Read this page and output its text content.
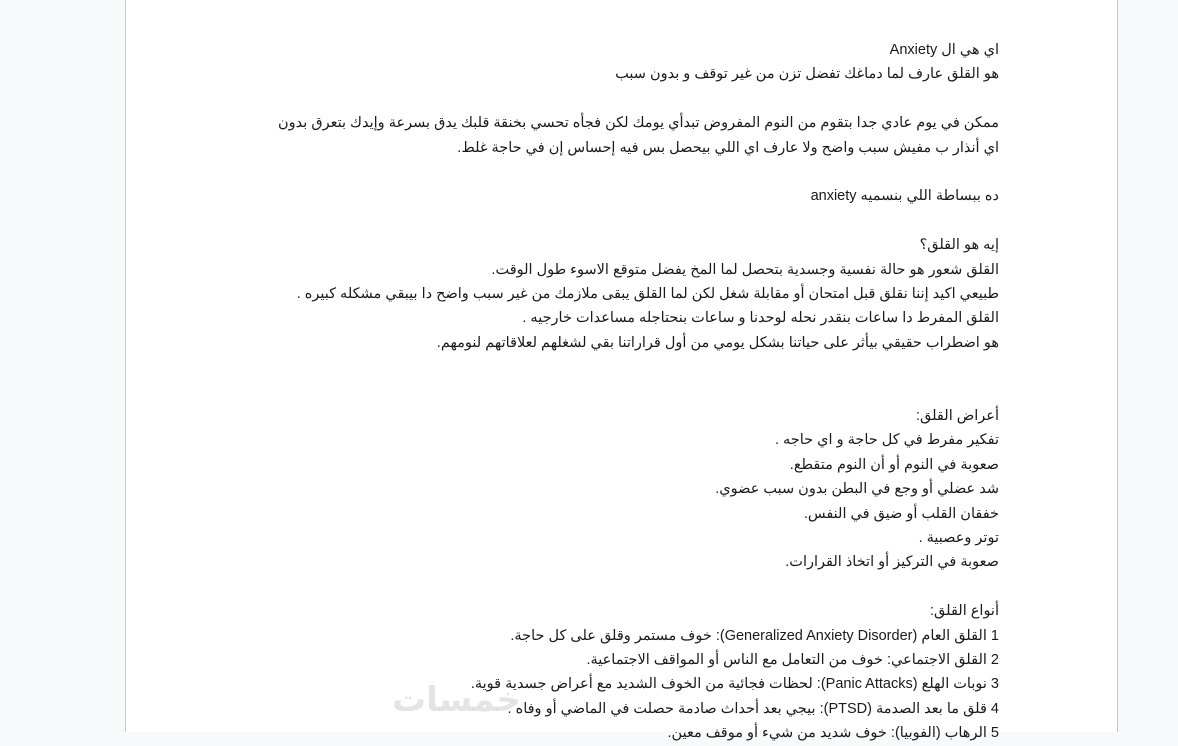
اي هي ال Anxiety

هو القلق عارف لما دماغك تفضل تزن من غير توقف و بدون سبب

ممكن في يوم عادي جدا بتقوم من النوم المفروض تبدأي يومك لكن فجأه تحسي بخنقة قلبك يدق بسرعة وإيدك بتعرق بدون اي أنذار ب مفيش سبب واضح ولا عارف اي اللي بيحصل بس فيه إحساس إن في حاجة غلط.

ده ببساطة اللي بنسميه anxiety

إيه هو القلق؟

القلق شعور هو حالة نفسية وجسدية بتحصل لما المخ يفضل متوقع الاسوء طول الوقت.

طبيعي اكيد إننا نقلق قبل امتحان أو مقابلة شغل لكن لما القلق يبقى ملازمك من غير سبب واضح دا بيبقي مشكله كبيره .

القلق المفرط دا ساعات بنقدر نحله لوحدنا و ساعات بنحتاجله مساعدات خارجيه .

هو اضطراب حقيقي بيأثر على حياتنا بشكل يومي من أول قراراتنا بقي لشغلهم لعلاقاتهم لنومهم.

أعراض القلق:

تفكير مفرط في كل حاجة و اي حاجه .

صعوبة في النوم أو أن النوم متقطع.

شد عضلي أو وجع في البطن بدون سبب عضوي.

خفقان القلب أو ضيق في النفس.

توتر وعصبية .

صعوبة في التركيز أو اتخاذ القرارات.

أنواع القلق:

1 القلق العام (Generalized Anxiety Disorder): خوف مستمر وقلق على كل حاجة.

2 القلق الاجتماعي: خوف من التعامل مع الناس أو المواقف الاجتماعية.

3 نوبات الهلع (Panic Attacks): لحظات فجائية من الخوف الشديد مع أعراض جسدية قوية.

4 قلق ما بعد الصدمة (PTSD): بيجي بعد أحداث صادمة حصلت في الماضي أو وفاه .

5 الرهاب (الفوبيا): خوف شديد من شيء أو موقف معين.

خمسات
